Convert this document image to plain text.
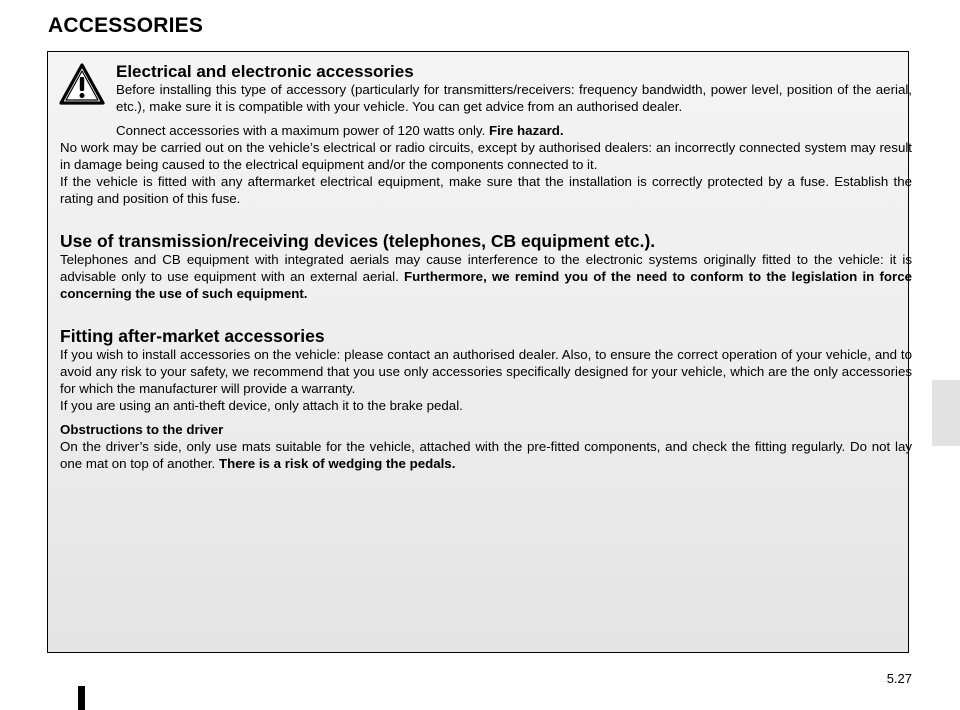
ACCESSORIES
Electrical and electronic accessories

Before installing this type of accessory (particularly for transmitters/receivers: frequency bandwidth, power level, position of the aerial, etc.), make sure it is compatible with your vehicle. You can get advice from an authorised dealer.

Connect accessories with a maximum power of 120 watts only. Fire hazard.

No work may be carried out on the vehicle’s electrical or radio circuits, except by authorised dealers: an incorrectly connected system may result in damage being caused to the electrical equipment and/or the components connected to it.

If the vehicle is fitted with any aftermarket electrical equipment, make sure that the installation is correctly protected by a fuse. Establish the rating and position of this fuse.

Use of transmission/receiving devices (telephones, CB equipment etc.).

Telephones and CB equipment with integrated aerials may cause interference to the electronic systems originally fitted to the vehicle: it is advisable only to use equipment with an external aerial. Furthermore, we remind you of the need to conform to the legislation in force concerning the use of such equipment.

Fitting after-market accessories

If you wish to install accessories on the vehicle: please contact an authorised dealer. Also, to ensure the correct operation of your vehicle, and to avoid any risk to your safety, we recommend that you use only accessories specifically designed for your vehicle, which are the only accessories for which the manufacturer will provide a warranty.

If you are using an anti-theft device, only attach it to the brake pedal.

Obstructions to the driver

On the driver’s side, only use mats suitable for the vehicle, attached with the pre-fitted components, and check the fitting regularly. Do not lay one mat on top of another. There is a risk of wedging the pedals.

5.27
